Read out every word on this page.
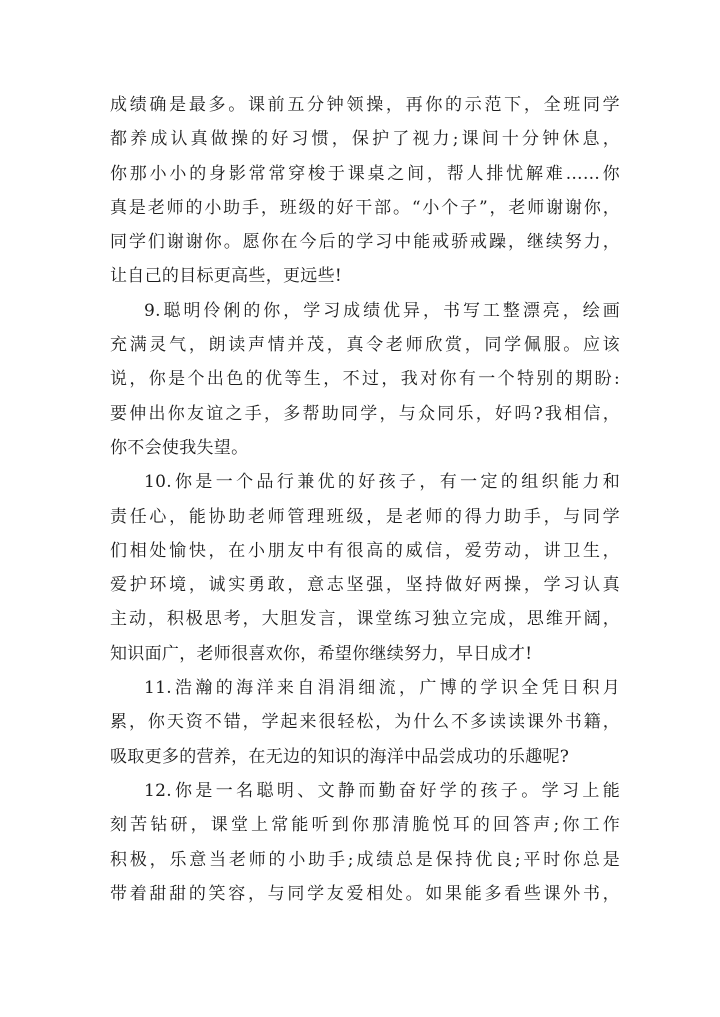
成绩确是最多。课前五分钟领操，再你的示范下，全班同学
都养成认真做操的好习惯，保护了视力;课间十分钟休息，
你那小小的身影常常穿梭于课桌之间，帮人排忧解难……你
真是老师的小助手，班级的好干部。“小个子”，老师谢谢你，
同学们谢谢你。愿你在今后的学习中能戒骄戒躁，继续努力，
让自己的目标更高些，更远些!
9.聪明伶俐的你，学习成绩优异，书写工整漂亮，绘画
充满灵气，朗读声情并茂，真令老师欣赏，同学佩服。应该
说，你是个出色的优等生，不过，我对你有一个特别的期盼:
要伸出你友谊之手，多帮助同学，与众同乐，好吗?我相信，
你不会使我失望。
10.你是一个品行兼优的好孩子，有一定的组织能力和
责任心，能协助老师管理班级，是老师的得力助手，与同学
们相处愉快，在小朋友中有很高的威信，爱劳动，讲卫生，
爱护环境，诚实勇敢，意志坚强，坚持做好两操，学习认真
主动，积极思考，大胆发言，课堂练习独立完成，思维开阔，
知识面广，老师很喜欢你，希望你继续努力，早日成才!
11.浩瀚的海洋来自涓涓细流，广博的学识全凭日积月
累，你天资不错，学起来很轻松，为什么不多读读课外书籍，
吸取更多的营养，在无边的知识的海洋中品尝成功的乐趣呢?
12.你是一名聪明、文静而勤奋好学的孩子。学习上能
刻苦钻研，课堂上常能听到你那清脆悦耳的回答声;你工作
积极，乐意当老师的小助手;成绩总是保持优良;平时你总是
带着甜甜的笑容，与同学友爱相处。如果能多看些课外书，
